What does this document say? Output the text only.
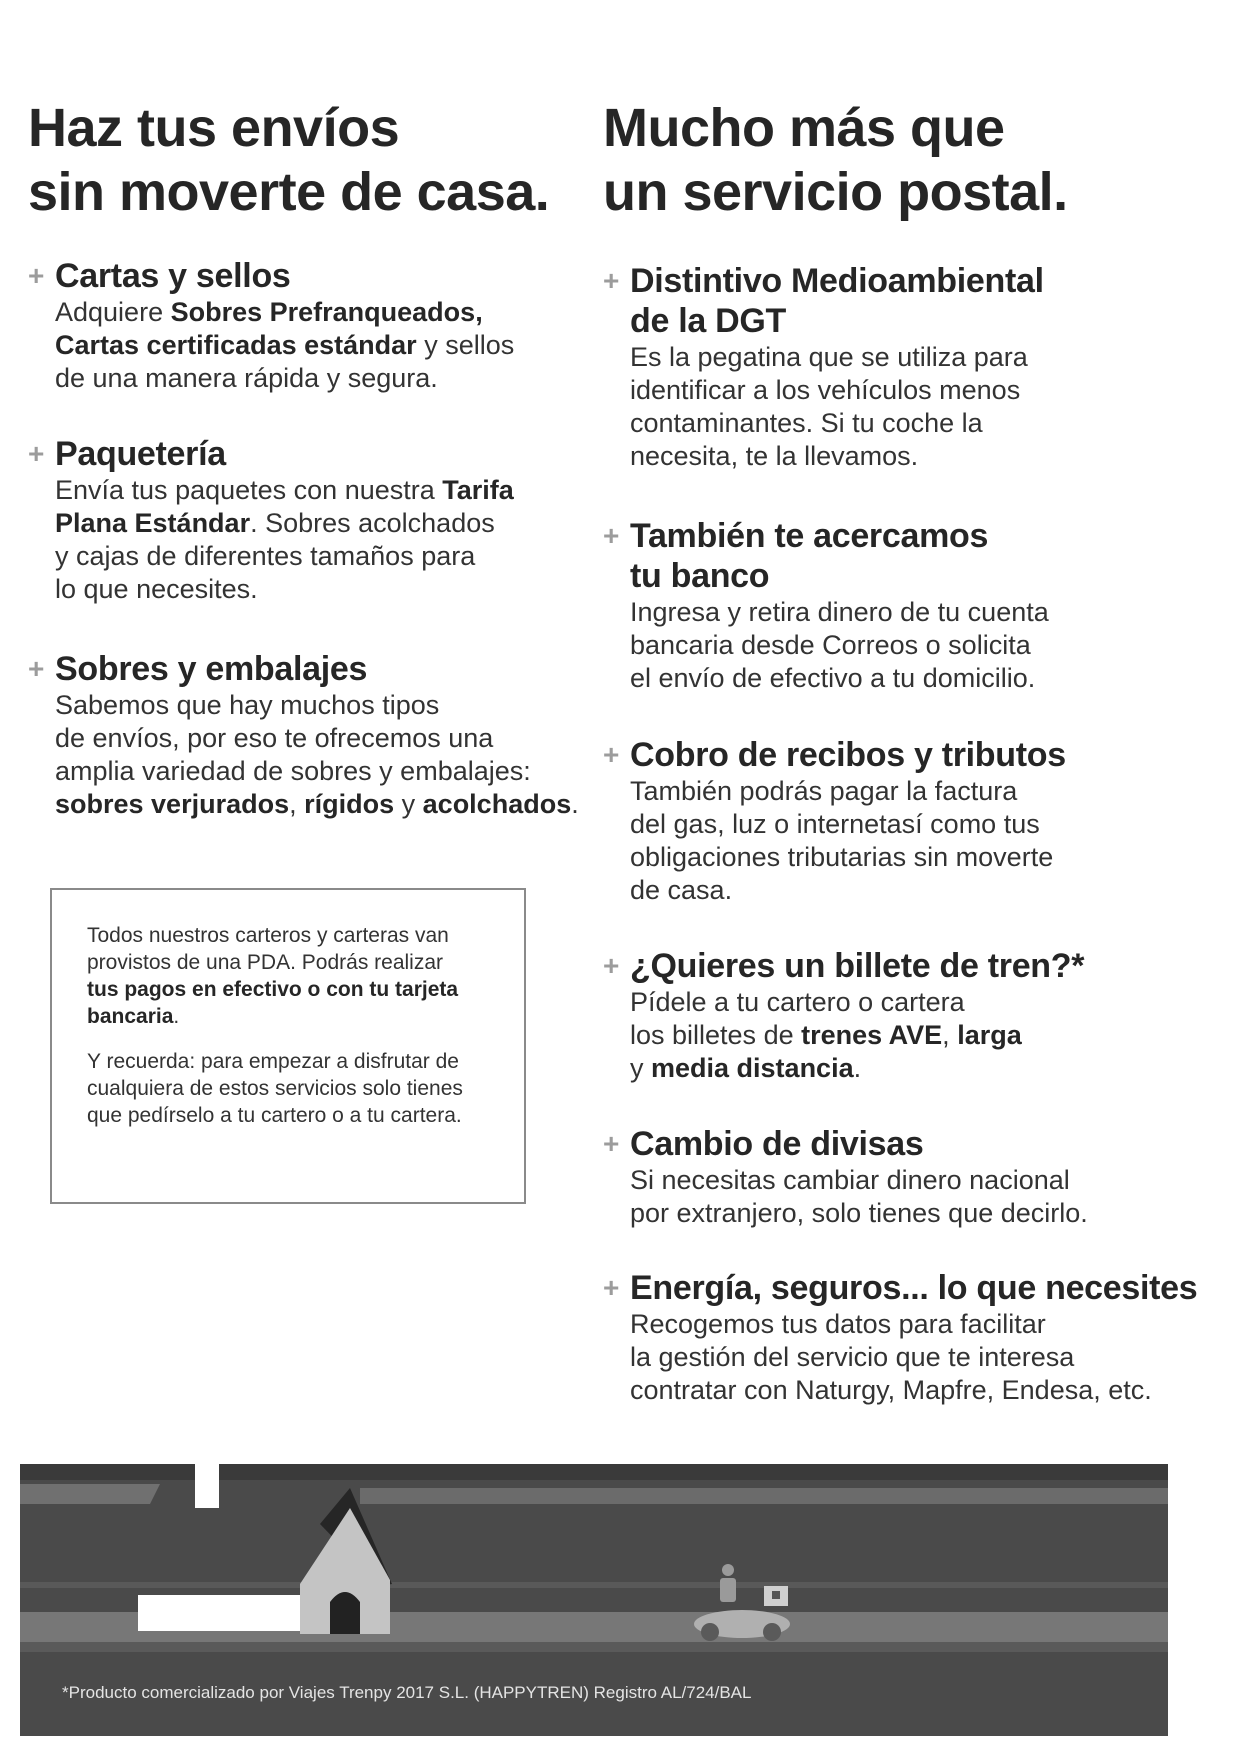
Haz tus envíos
sin moverte de casa.
+ Cartas y sellos
Adquiere Sobres Prefranqueados,
Cartas certificadas estándar y sellos
de una manera rápida y segura.
+ Paquetería
Envía tus paquetes con nuestra Tarifa
Plana Estándar. Sobres acolchados
y cajas de diferentes tamaños para
lo que necesites.
+ Sobres y embalajes
Sabemos que hay muchos tipos
de envíos, por eso te ofrecemos una
amplia variedad de sobres y embalajes:
sobres verjurados, rígidos y acolchados.

Todos nuestros carteros y carteras van
provistos de una PDA. Podrás realizar
tus pagos en efectivo o con tu tarjeta
bancaria.

Y recuerda: para empezar a disfrutar de
cualquiera de estos servicios solo tienes
que pedírselo a tu cartero o a tu cartera.

Mucho más que
un servicio postal.
+ Distintivo Medioambiental
de la DGT
Es la pegatina que se utiliza para
identificar a los vehículos menos
contaminantes. Si tu coche la
necesita, te la llevamos.
+ También te acercamos
tu banco
Ingresa y retira dinero de tu cuenta
bancaria desde Correos o solicita
el envío de efectivo a tu domicilio.
+ Cobro de recibos y tributos
También podrás pagar la factura
del gas, luz o internetasí como tus
obligaciones tributarias sin moverte
de casa.
+ ¿Quieres un billete de tren?*
Pídele a tu cartero o cartera
los billetes de trenes AVE, larga
y media distancia.
+ Cambio de divisas
Si necesitas cambiar dinero nacional
por extranjero, solo tienes que decirlo.
+ Energía, seguros... lo que necesites
Recogemos tus datos para facilitar
la gestión del servicio que te interesa
contratar con Naturgy, Mapfre, Endesa, etc.
*Producto comercializado por Viajes Trenpy 2017 S.L. (HAPPYTREN) Registro AL/724/BAL
